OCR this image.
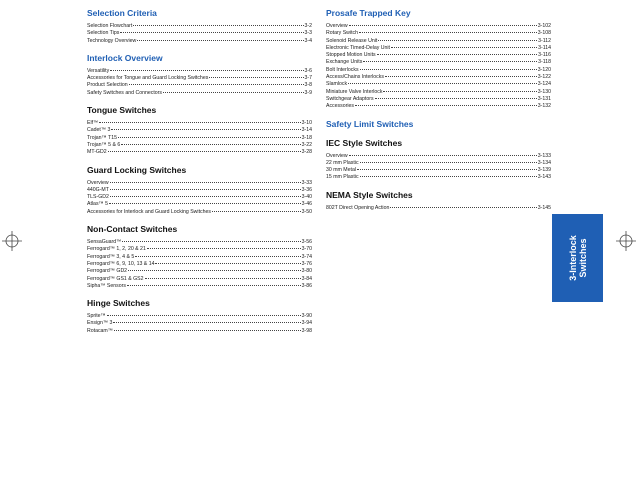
Selection Criteria
Selection Flowchart	3-2
Selection Tips	3-3
Technology Overview	3-4
Interlock Overview
Versatility	3-6
Accessories for Tongue and Guard Locking Switches	3-7
Product Selection	3-8
Safety Switches and Connectors	3-9
Tongue Switches
Elf™	3-10
Cadet™ 3	3-14
Trojan™ T15	3-18
Trojan™ 5 & 6	3-22
MT-GD2	3-28
Guard Locking Switches
Overview	3-33
440G-MT	3-36
TLS-GD2	3-40
Atlas™ 5	3-46
Accessories for Interlock and Guard Locking Switches	3-50
Non-Contact Switches
SensaGuard™	3-56
Ferrogard™ 1, 2, 20 & 21	3-70
Ferrogard™ 3, 4 & 5	3-74
Ferrogard™ 6, 9, 10, 13 & 14	3-76
Ferrogard™ GD2	3-80
Ferrogard™ GS1 & GS2	3-84
Sipha™ Sensors	3-86
Hinge Switches
Sprite™	3-90
Ensign™ 3	3-94
Rotacam™	3-98
Prosafe Trapped Key
Overview	3-102
Rotary Switch	3-108
Solenoid Release Unit	3-112
Electronic Timed-Delay Unit	3-114
Stopped Motion Units	3-116
Exchange Units	3-118
Bolt Interlocks	3-120
Access/Chains Interlocks	3-122
Slamlock	3-124
Miniature Valve Interlock	3-130
Switchgear Adaptors	3-131
Accessories	3-132
Safety Limit Switches
IEC Style Switches
Overview	3-133
22 mm Plastic	3-134
30 mm Metal	3-139
15 mm Plastic	3-143
NEMA Style Switches
802T Direct Opening Action	3-145
3-Interlock Switches
